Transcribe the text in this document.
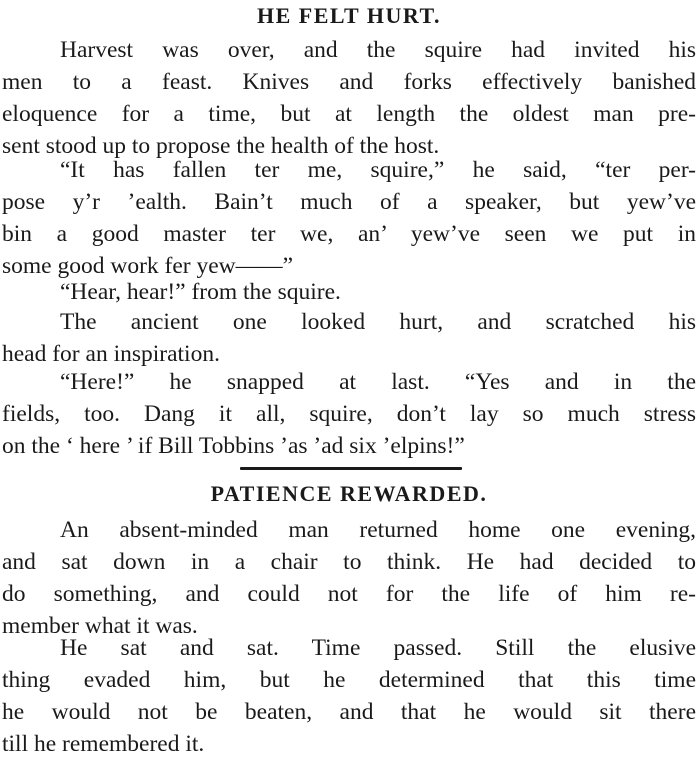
HE FELT HURT.
Harvest was over, and the squire had invited his
men to a feast. Knives and forks effectively banished
eloquence for a time, but at length the oldest man pre-
sent stood up to propose the health of the host.
“It has fallen ter me, squire,” he said, “ter per-
pose y’r ’ealth. Bain’t much of a speaker, but yew’ve
bin a good master ter we, an’ yew’ve seen we put in
some good work fer yew——”
“Hear, hear!” from the squire.
The ancient one looked hurt, and scratched his
head for an inspiration.
“Here!” he snapped at last. “Yes and in the
fields, too. Dang it all, squire, don’t lay so much stress
on the ‘ here ’ if Bill Tobbins ’as ’ad six ’elpins!”
PATIENCE REWARDED.
An absent-minded man returned home one evening,
and sat down in a chair to think. He had decided to
do something, and could not for the life of him re-
member what it was.
He sat and sat. Time passed. Still the elusive
thing evaded him, but he determined that this time
he would not be beaten, and that he would sit there
till he remembered it.
